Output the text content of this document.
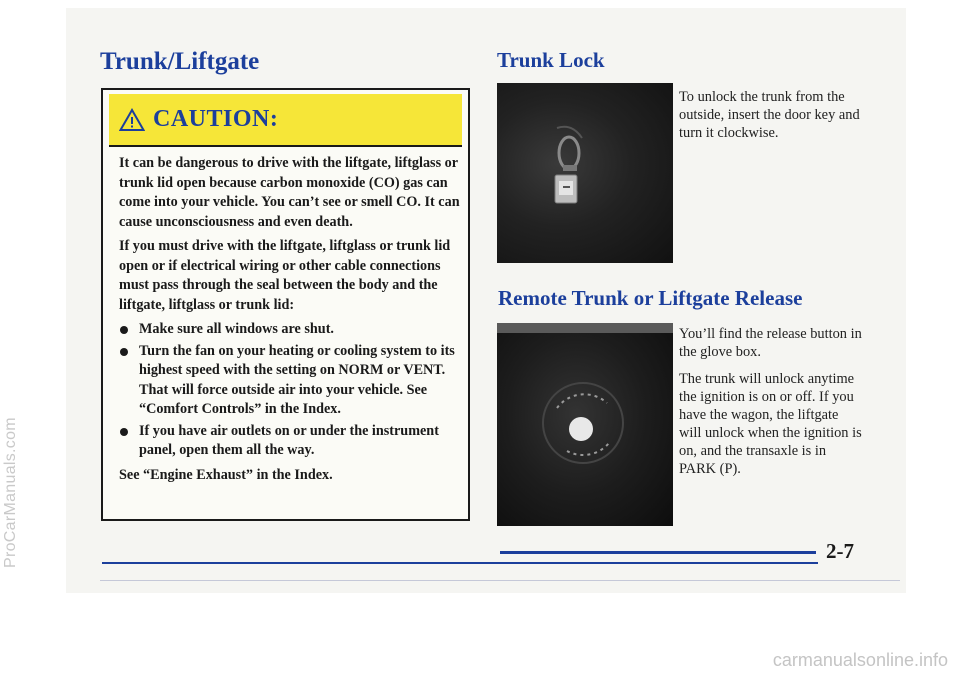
ProCarManuals.com
carmanualsonline.info
Trunk/Liftgate
CAUTION:

It can be dangerous to drive with the liftgate, liftglass or trunk lid open because carbon monoxide (CO) gas can come into your vehicle. You can’t see or smell CO. It can cause unconsciousness and even death.

If you must drive with the liftgate, liftglass or trunk lid open or if electrical wiring or other cable connections must pass through the seal between the body and the liftgate, liftglass or trunk lid:

Make sure all windows are shut.
Turn the fan on your heating or cooling system to its highest speed with the setting on NORM or VENT. That will force outside air into your vehicle. See “Comfort Controls” in the Index.
If you have air outlets on or under the instrument panel, open them all the way.

See “Engine Exhaust” in the Index.

Trunk Lock

To unlock the trunk from the outside, insert the door key and turn it clockwise.

Remote Trunk or Liftgate Release

You’ll find the release button in the glove box.

The trunk will unlock anytime the ignition is on or off. If you have the wagon, the liftgate will unlock when the ignition is on, and the transaxle is in PARK (P).

2-7
